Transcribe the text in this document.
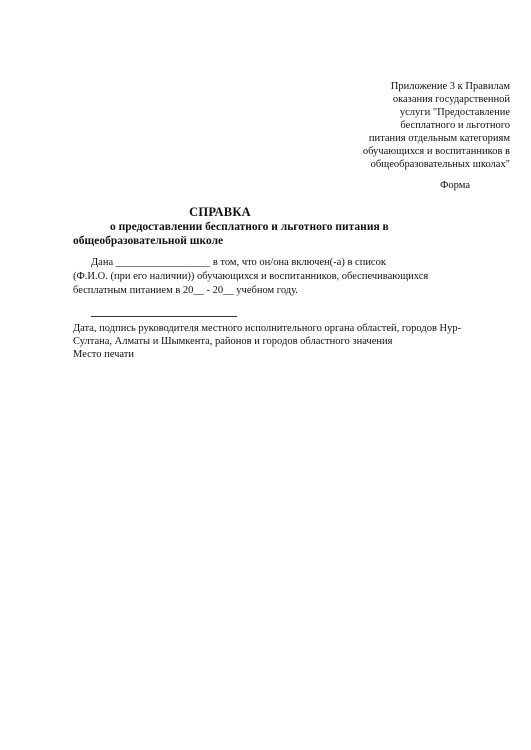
Приложение 3 к Правилам
оказания государственной
услуги "Предоставление
бесплатного и льготного
питания отдельным категориям
обучающихся и воспитанников в
общеобразовательных школах"
Форма
СПРАВКА
о предоставлении бесплатного и льготного питания в
общеобразовательной школе
Дана __________________ в том, что он/она включен(-а) в список
(Ф.И.О. (при его наличии)) обучающихся и воспитанников, обеспечивающихся
бесплатным питанием в 20__ - 20__ учебном году.
Дата, подпись руководителя местного исполнительного органа областей, городов Нур-
Султана, Алматы и Шымкента, районов и городов областного значения
Место печати
